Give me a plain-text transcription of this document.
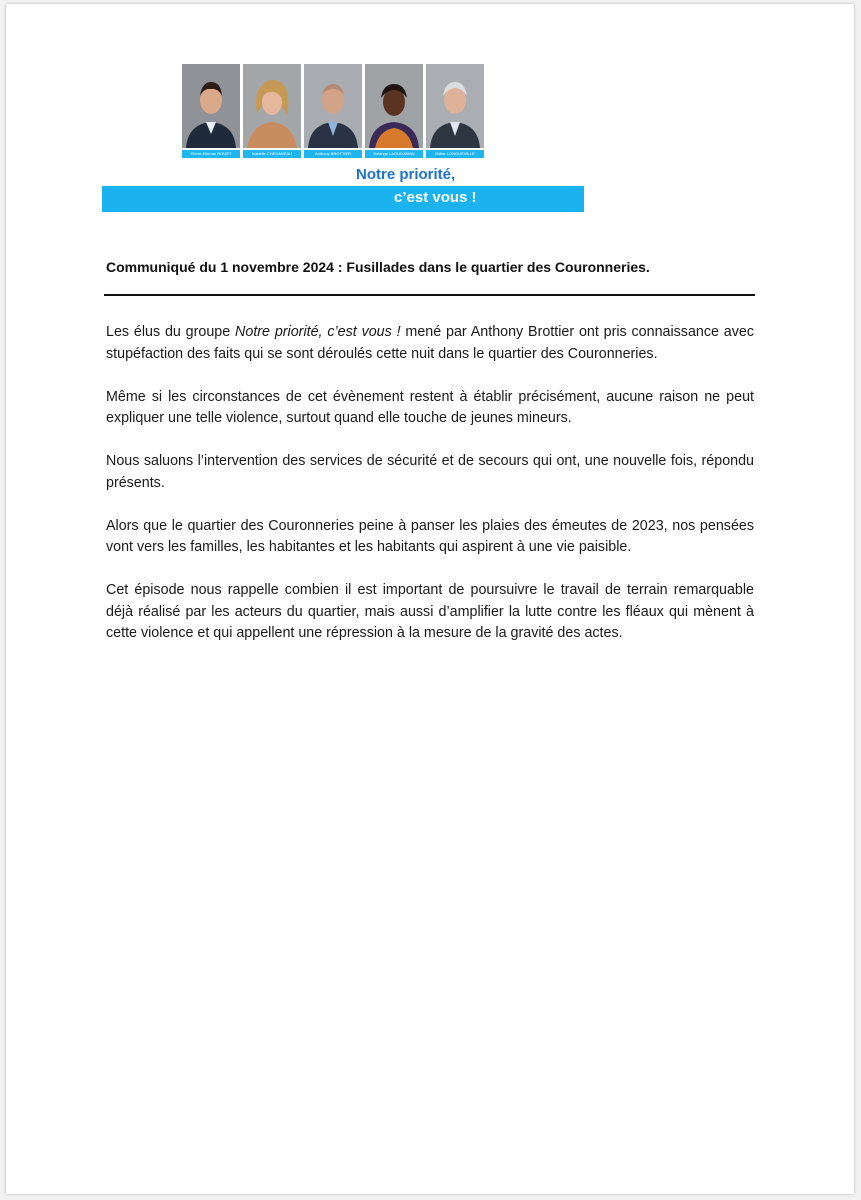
Pierre-Etienne ROUET	Isabelle CHEDANEAU	Anthony BROTTIER	Solange LAOUDJAMAI	Didier LONGUEVILLE
Notre priorité,
c’est vous !
Communiqué du 1 novembre 2024 : Fusillades dans le quartier des Couronneries.

Les élus du groupe Notre priorité, c’est vous ! mené par Anthony Brottier ont pris connaissance avec stupéfaction des faits qui se sont déroulés cette nuit dans le quartier des Couronneries.

Même si les circonstances de cet évènement restent à établir précisément, aucune raison ne peut expliquer une telle violence, surtout quand elle touche de jeunes mineurs.

Nous saluons l’intervention des services de sécurité et de secours qui ont, une nouvelle fois, répondu présents.

Alors que le quartier des Couronneries peine à panser les plaies des émeutes de 2023, nos pensées vont vers les familles, les habitantes et les habitants qui aspirent à une vie paisible.

Cet épisode nous rappelle combien il est important de poursuivre le travail de terrain remarquable déjà réalisé par les acteurs du quartier, mais aussi d’amplifier la lutte contre les fléaux qui mènent à cette violence et qui appellent une répression à la mesure de la gravité des actes.
